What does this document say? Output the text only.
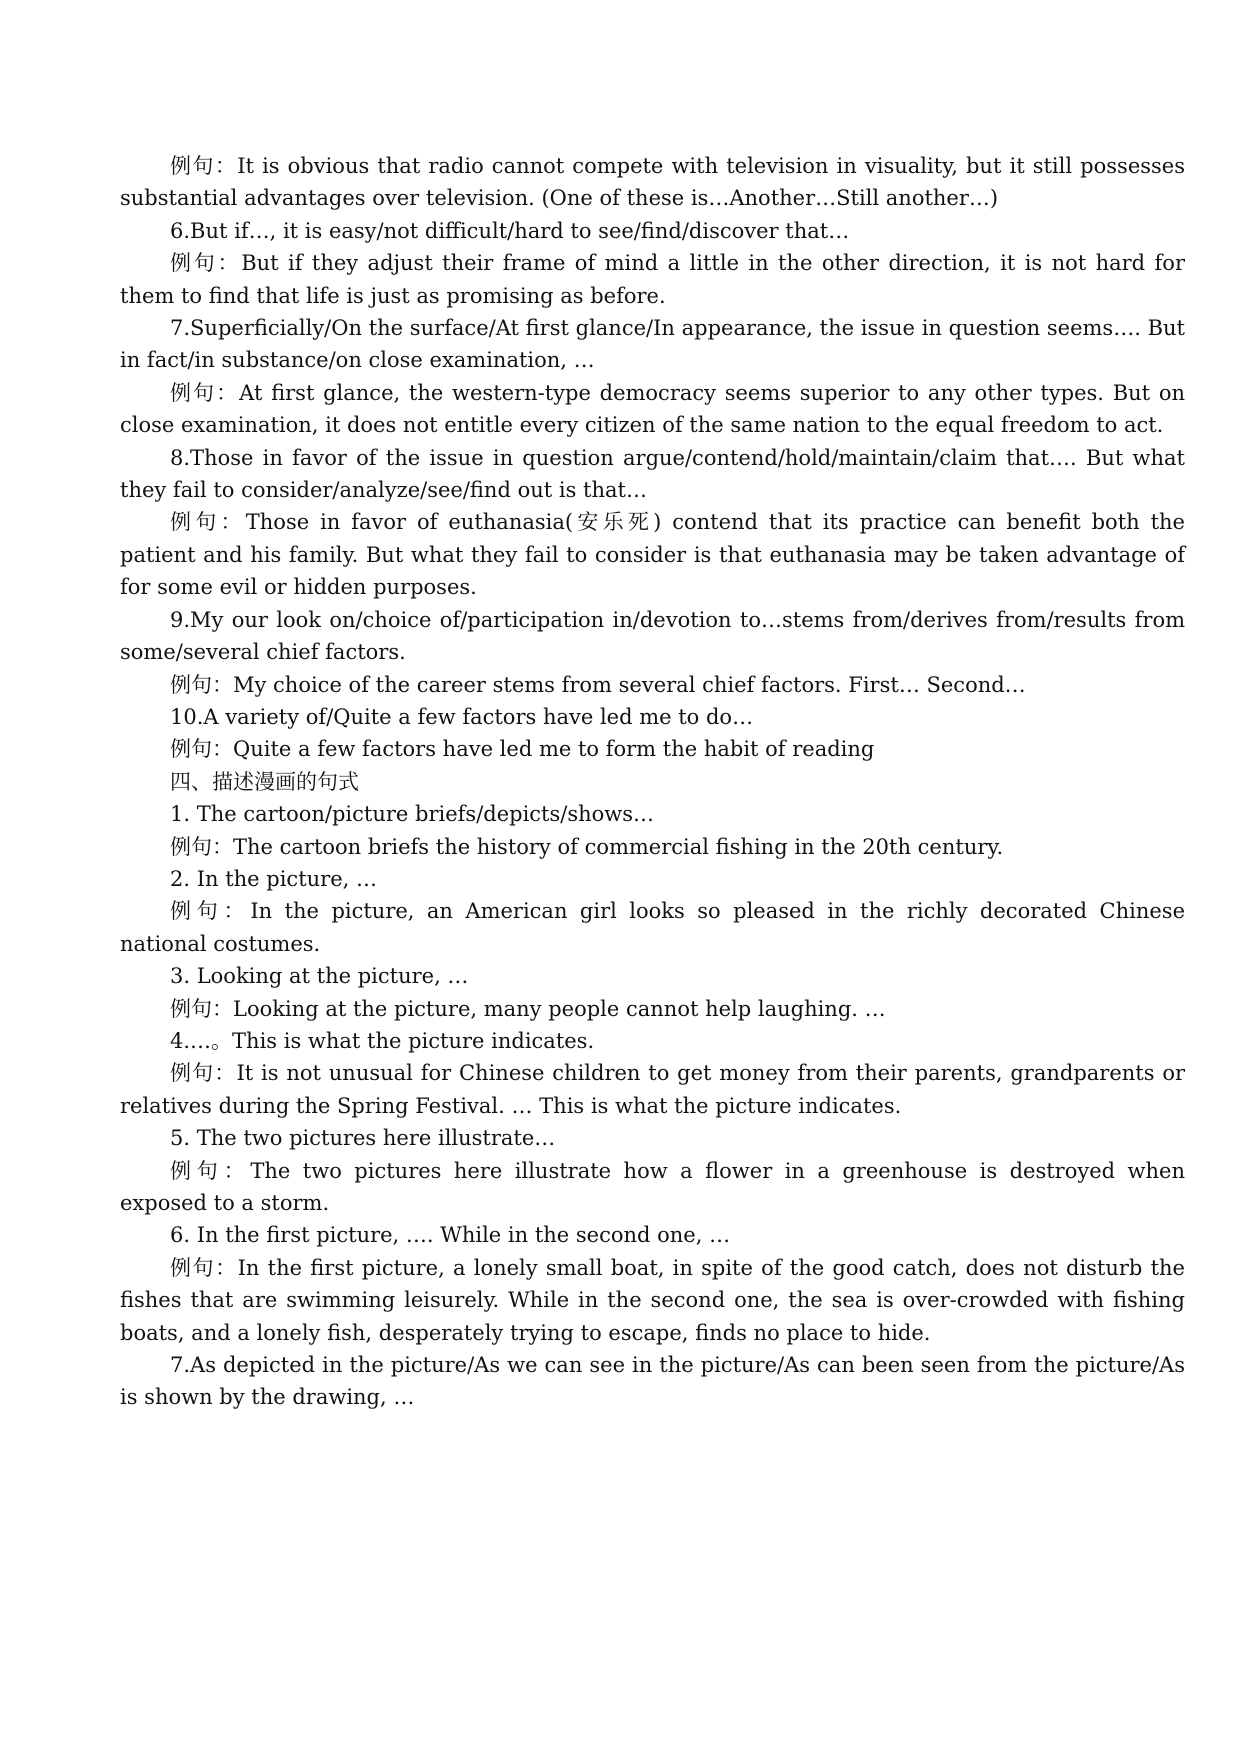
例句：It is obvious that radio cannot compete with television in visuality, but it still possesses substantial advantages over television. (One of these is…Another…Still another…)

6.But if…, it is easy/not difficult/hard to see/find/discover that…

例句：But if they adjust their frame of mind a little in the other direction, it is not hard for them to find that life is just as promising as before.

7.Superficially/On the surface/At first glance/In appearance, the issue in question seems…. But in fact/in substance/on close examination, …

例句：At first glance, the western-type democracy seems superior to any other types. But on close examination, it does not entitle every citizen of the same nation to the equal freedom to act.

8.Those in favor of the issue in question argue/contend/hold/maintain/claim that…. But what they fail to consider/analyze/see/find out is that…

例句：Those in favor of euthanasia(安乐死) contend that its practice can benefit both the patient and his family. But what they fail to consider is that euthanasia may be taken advantage of for some evil or hidden purposes.

9.My our look on/choice of/participation in/devotion to…stems from/derives from/results from some/several chief factors.

例句：My choice of the career stems from several chief factors. First… Second…

10.A variety of/Quite a few factors have led me to do…

例句：Quite a few factors have led me to form the habit of reading

四、描述漫画的句式

1. The cartoon/picture briefs/depicts/shows…

例句：The cartoon briefs the history of commercial fishing in the 20th century.

2. In the picture, …

例句：In the picture, an American girl looks so pleased in the richly decorated Chinese national costumes.

3. Looking at the picture, …

例句：Looking at the picture, many people cannot help laughing. …

4.…。This is what the picture indicates.

例句：It is not unusual for Chinese children to get money from their parents, grandparents or relatives during the Spring Festival. … This is what the picture indicates.

5. The two pictures here illustrate…

例句：The two pictures here illustrate how a flower in a greenhouse is destroyed when exposed to a storm.

6. In the first picture, …. While in the second one, …

例句：In the first picture, a lonely small boat, in spite of the good catch, does not disturb the fishes that are swimming leisurely. While in the second one, the sea is over-crowded with fishing boats, and a lonely fish, desperately trying to escape, finds no place to hide.

7.As depicted in the picture/As we can see in the picture/As can been seen from the picture/As is shown by the drawing, …
